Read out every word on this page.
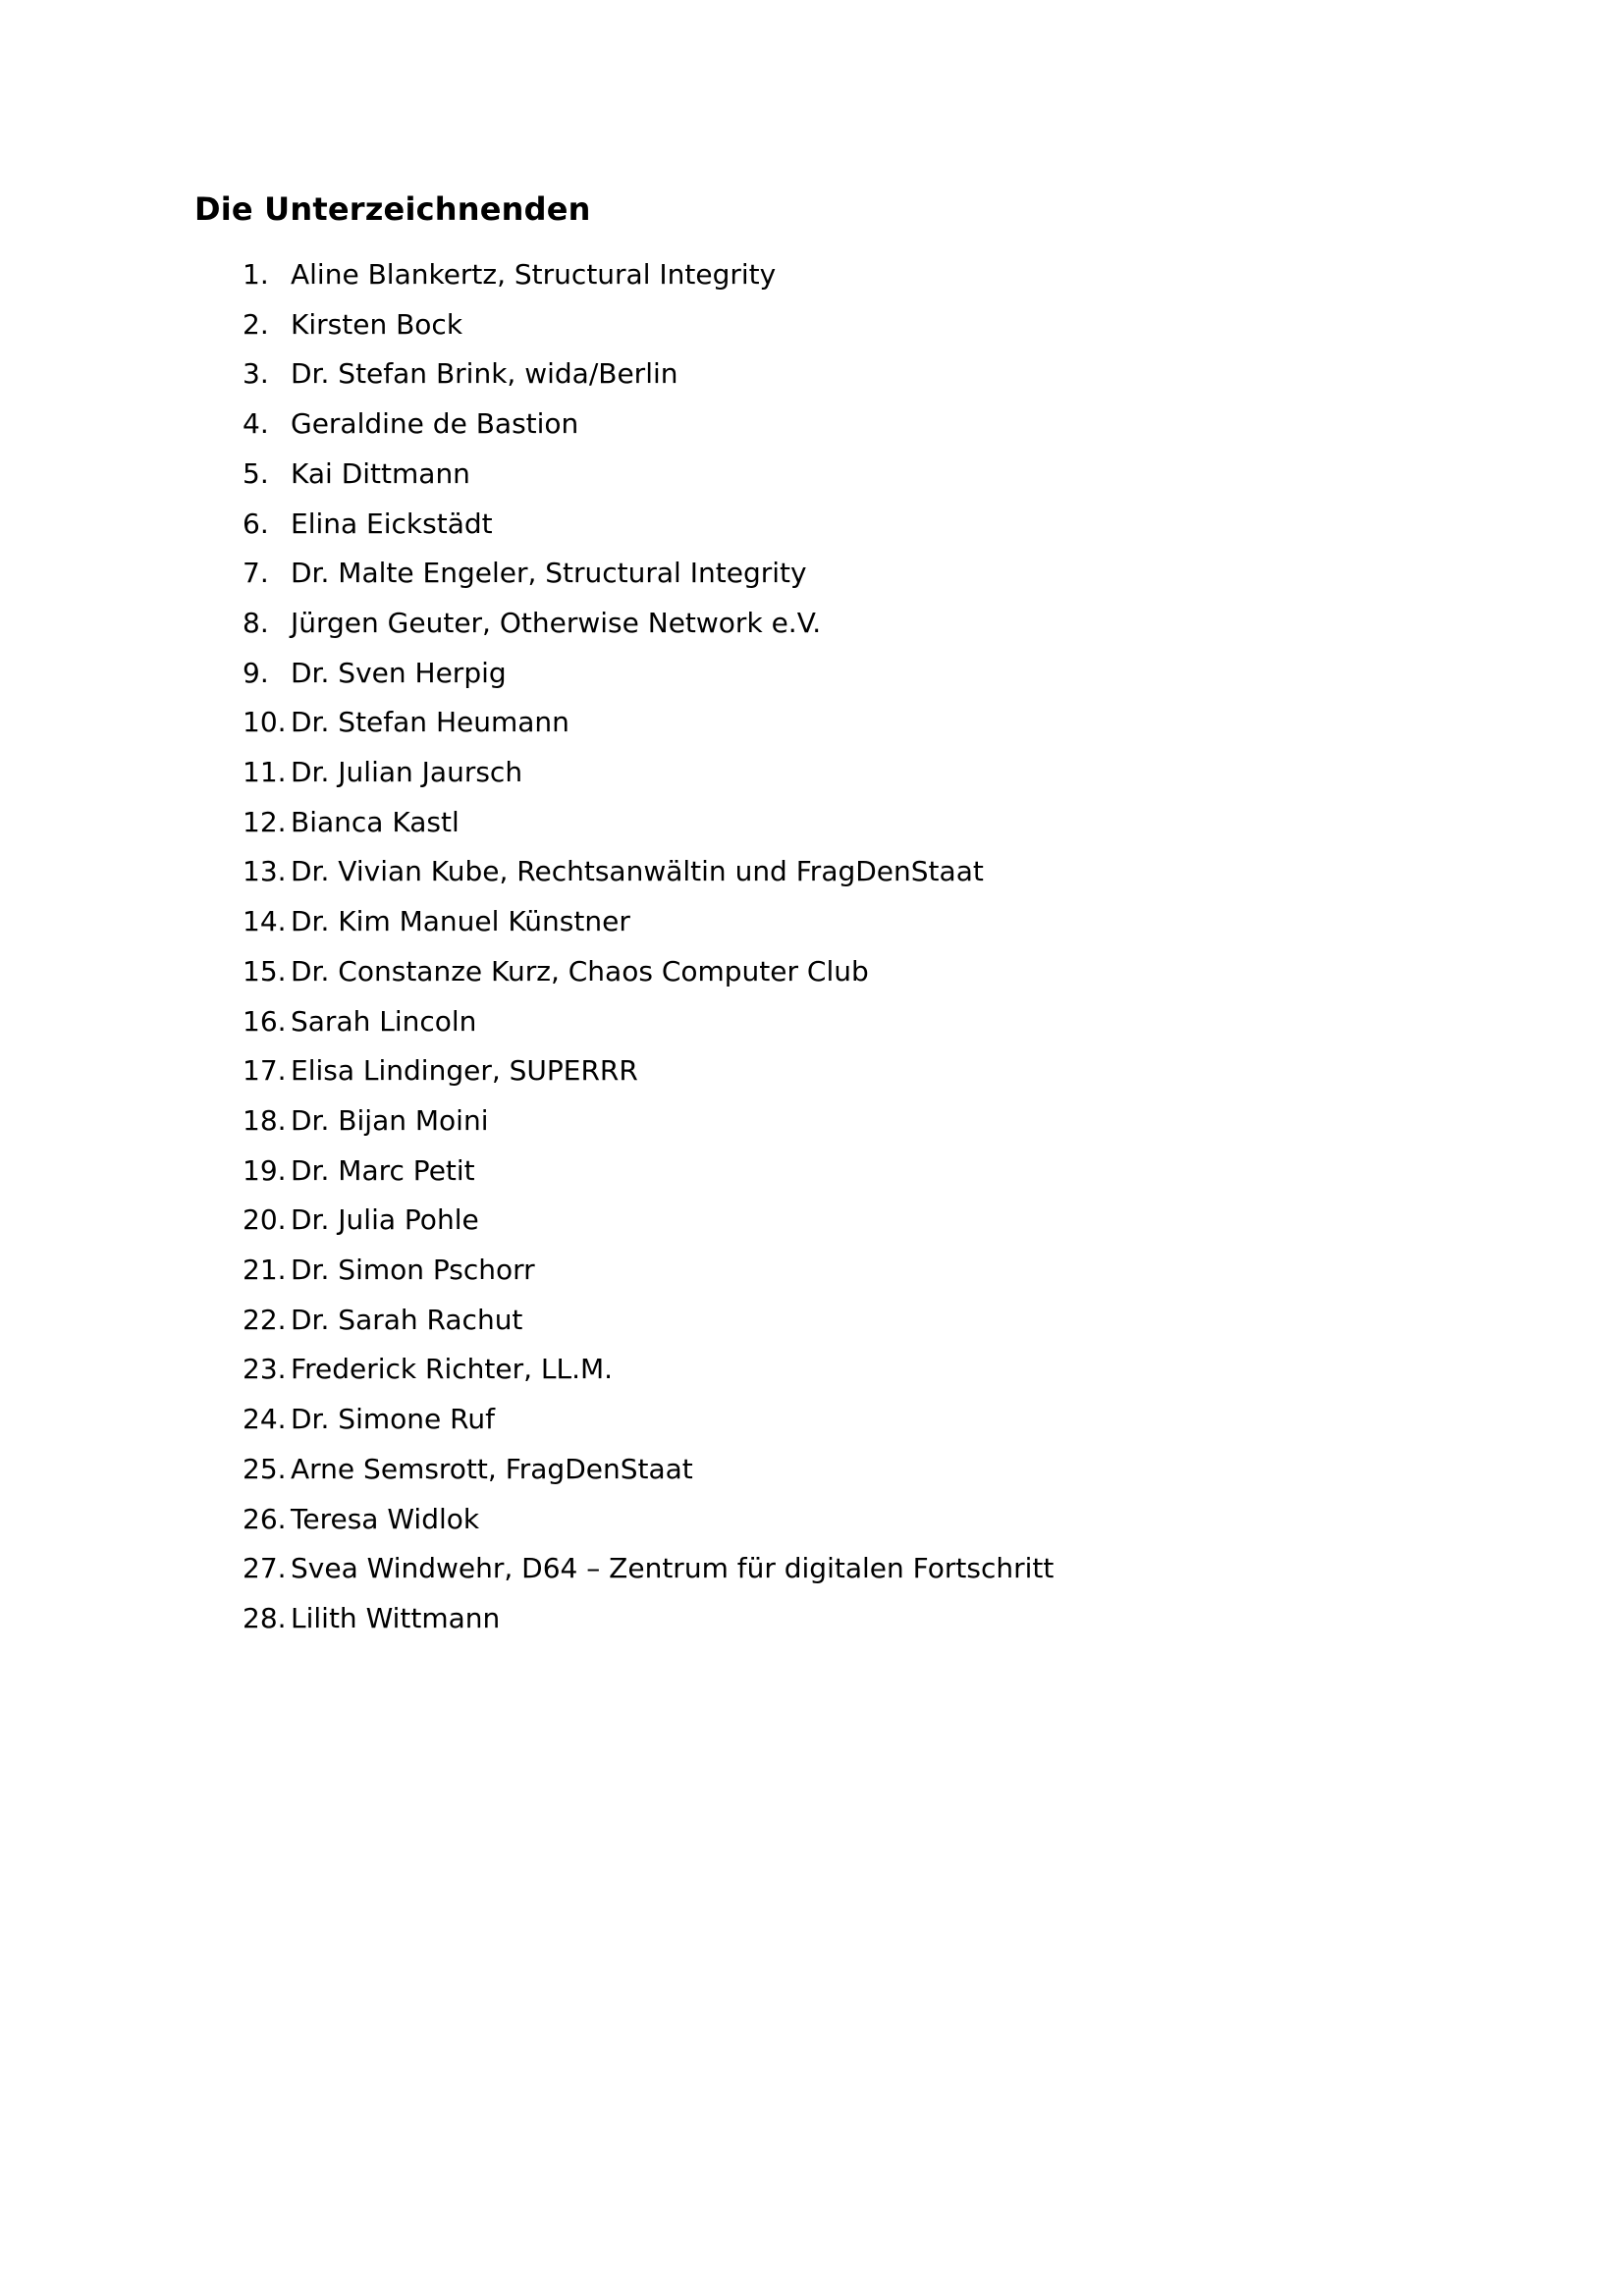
Die Unterzeichnenden
1. Aline Blankertz, Structural Integrity
2. Kirsten Bock
3. Dr. Stefan Brink, wida/Berlin
4. Geraldine de Bastion
5. Kai Dittmann
6. Elina Eickstädt
7. Dr. Malte Engeler, Structural Integrity
8. Jürgen Geuter, Otherwise Network e.V.
9. Dr. Sven Herpig
10. Dr. Stefan Heumann
11. Dr. Julian Jaursch
12. Bianca Kastl
13. Dr. Vivian Kube, Rechtsanwältin und FragDenStaat
14. Dr. Kim Manuel Künstner
15. Dr. Constanze Kurz, Chaos Computer Club
16. Sarah Lincoln
17. Elisa Lindinger, SUPERRR
18. Dr. Bijan Moini
19. Dr. Marc Petit
20. Dr. Julia Pohle
21. Dr. Simon Pschorr
22. Dr. Sarah Rachut
23. Frederick Richter, LL.M.
24. Dr. Simone Ruf
25. Arne Semsrott, FragDenStaat
26. Teresa Widlok
27. Svea Windwehr, D64 – Zentrum für digitalen Fortschritt
28. Lilith Wittmann
